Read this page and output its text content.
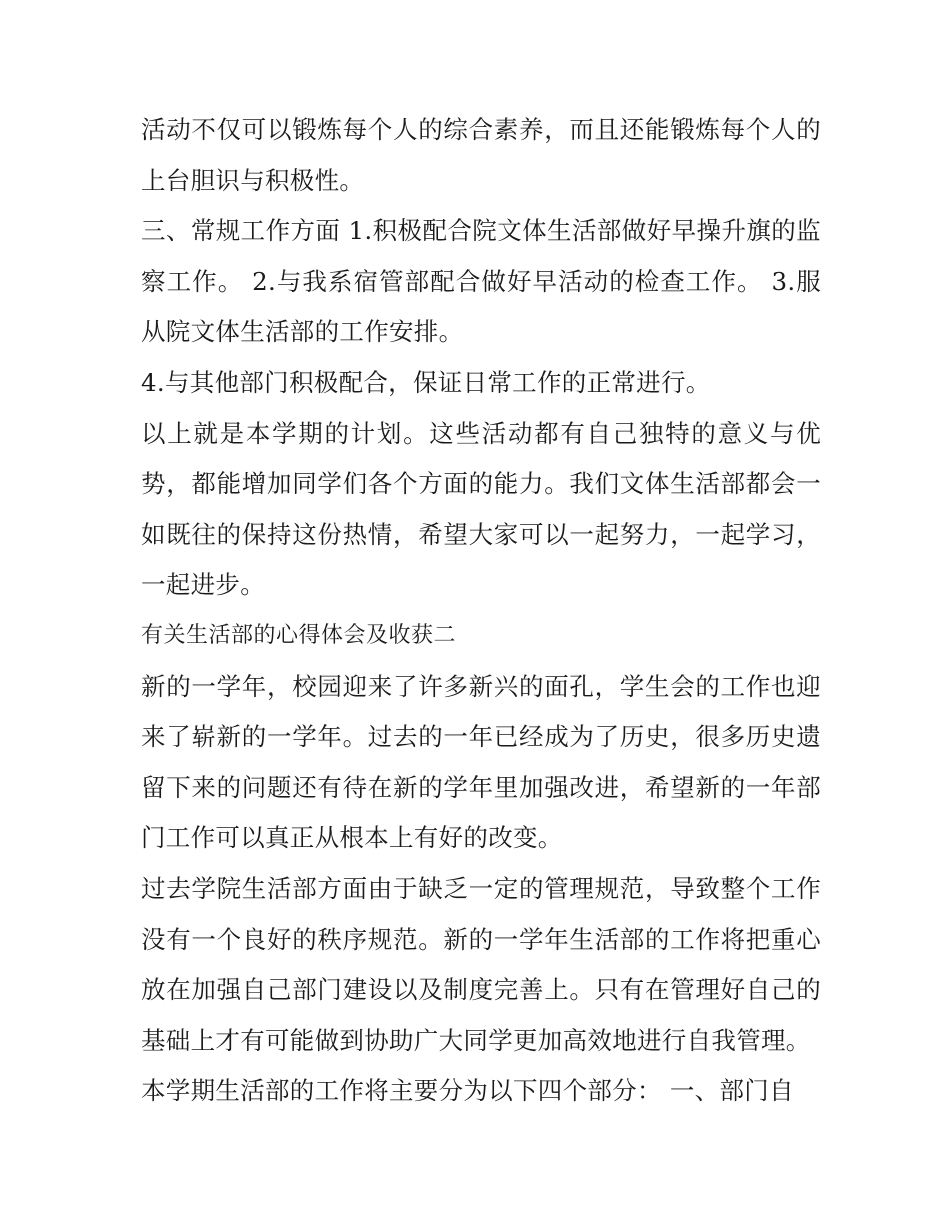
活动不仅可以锻炼每个人的综合素养，而且还能锻炼每个人的上台胆识与积极性。

三、常规工作方面 1.积极配合院文体生活部做好早操升旗的监察工作。 2.与我系宿管部配合做好早活动的检查工作。 3.服从院文体生活部的工作安排。

4.与其他部门积极配合，保证日常工作的正常进行。

以上就是本学期的计划。这些活动都有自己独特的意义与优势，都能增加同学们各个方面的能力。我们文体生活部都会一如既往的保持这份热情，希望大家可以一起努力，一起学习，一起进步。

有关生活部的心得体会及收获二

新的一学年，校园迎来了许多新兴的面孔，学生会的工作也迎来了崭新的一学年。过去的一年已经成为了历史，很多历史遗留下来的问题还有待在新的学年里加强改进，希望新的一年部门工作可以真正从根本上有好的改变。

过去学院生活部方面由于缺乏一定的管理规范，导致整个工作没有一个良好的秩序规范。新的一学年生活部的工作将把重心放在加强自己部门建设以及制度完善上。只有在管理好自己的基础上才有可能做到协助广大同学更加高效地进行自我管理。

本学期生活部的工作将主要分为以下四个部分： 一、部门自
